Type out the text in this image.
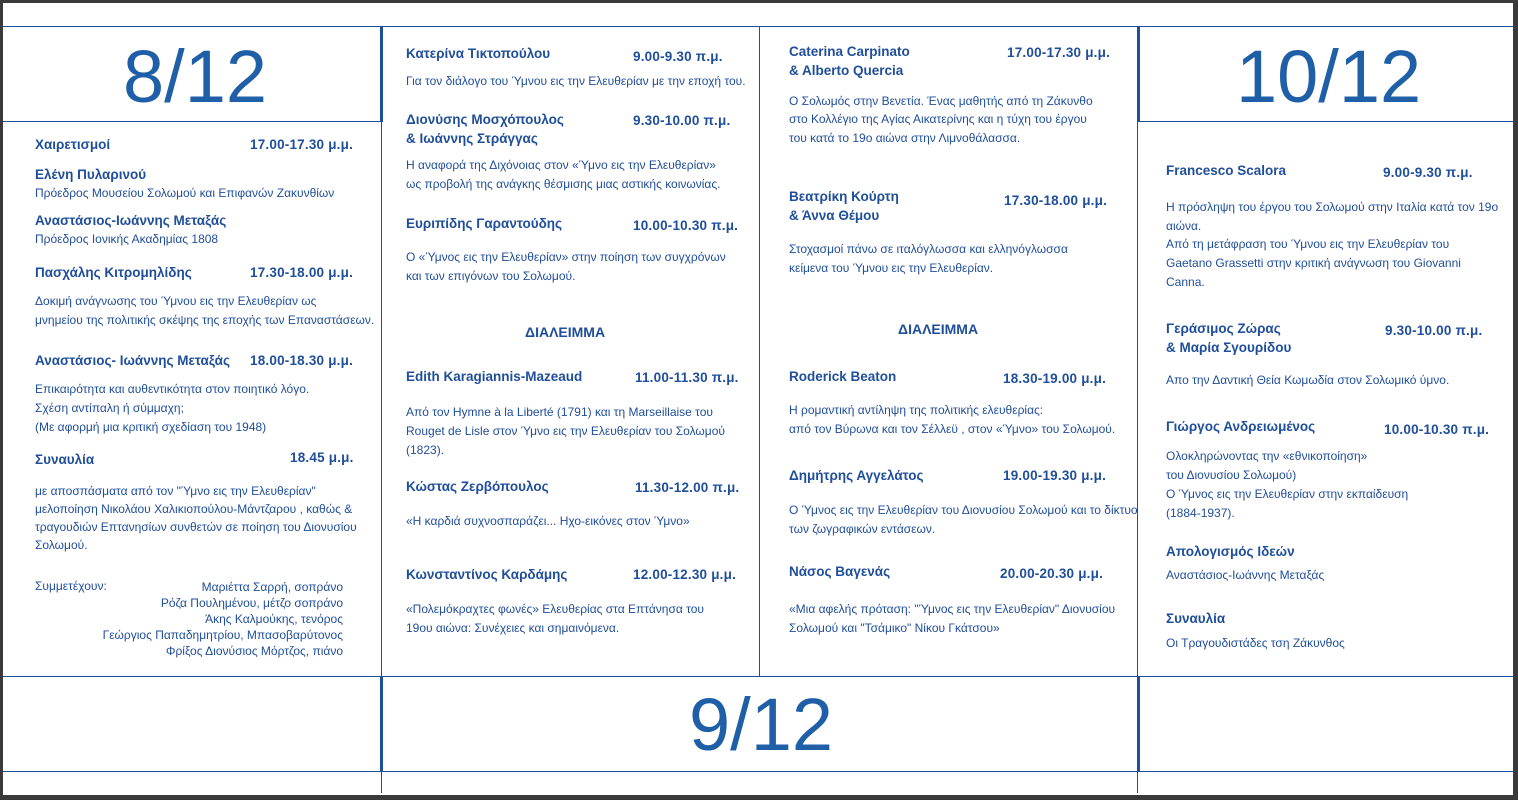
8/12
9/12
10/12
Χαιρετισμοί	17.00-17.30 μ.μ.
Ελένη Πυλαρινού
Πρόεδρος Μουσείου Σολωμού και Επιφανών Ζακυνθίων
Αναστάσιος-Ιωάννης Μεταξάς
Πρόεδρος Ιονικής Ακαδημίας 1808
Πασχάλης Κιτρομηλίδης	17.30-18.00 μ.μ.
Δοκιμή ανάγνωσης του Ύμνου εις την Ελευθερίαν ως
μνημείου της πολιτικής σκέψης της εποχής των Επαναστάσεων.
Αναστάσιος- Ιωάννης Μεταξάς 18.00-18.30 μ.μ.
Επικαιρότητα και αυθεντικότητα στον ποιητικό λόγο.
Σχέση αντίπαλη ή σύμμαχη;
(Με αφορμή μια κριτική σχεδίαση του 1948)
Συναυλία	18.45 μ.μ.
με αποσπάσματα από τον "Ύμνο εις την Ελευθερίαν"
μελοποίηση Νικολάου Χαλικιοπούλου-Μάντζαρου , καθώς &
τραγουδιών Επτανησίων συνθετών σε ποίηση του Διονυσίου
Σολωμού.
Συμμετέχουν:	Μαριέττα Σαρρή, σοπράνο
Ρόζα Πουλημένου, μέτζο σοπράνο
Άκης Καλμούκης, τενόρος
Γεώργιος Παπαδημητρίου, Μπασοβαρύτονος
Φρίξος Διονύσιος Μόρτζος, πιάνο
Κατερίνα Τικτοπούλου	9.00-9.30 π.μ.
Για τον διάλογο του Ύμνου εις την Ελευθερίαν με την εποχή του.
Διονύσης Μοσχόπουλος
& Ιωάννης Στράγγας
9.30-10.00 π.μ.
Η αναφορά της Διχόνοιας στον «Ύμνο εις την Ελευθερίαν»
ως προβολή της ανάγκης θέσμισης μιας αστικής κοινωνίας.
Ευριπίδης Γαραντούδης	10.00-10.30 π.μ.
Ο «Ύμνος εις την Ελευθερίαν» στην ποίηση των συγχρόνων
και των επιγόνων του Σολωμού.
ΔΙΑΛΕΙΜΜΑ
Edith Karagiannis-Mazeaud	11.00-11.30 π.μ.
Από τον Hymne à la Liberté (1791) και τη Marseillaise του
Rouget de Lisle στον Ύμνο εις την Ελευθερίαν του Σολωμού
(1823).
Κώστας Ζερβόπουλος	11.30-12.00 π.μ.
«Η καρδιά συχνοσπαράζει... Ηχο-εικόνες στον Ύμνο»
Κωνσταντίνος Καρδάμης	12.00-12.30 μ.μ.
«Πολεμόκραχτες φωνές» Ελευθερίας στα Επτάνησα του
19ου αιώνα: Συνέχειες και σημαινόμενα.
Caterina Carpinato
& Alberto Quercia
17.00-17.30 μ.μ.
Ο Σολωμός στην Βενετία. Ένας μαθητής από τη Ζάκυνθο
στο Κολλέγιο της Αγίας Αικατερίνης και η τύχη του έργου
του κατά το 19ο αιώνα στην Λιμνοθάλασσα.
Βεατρίκη Κούρτη
& Άννα Θέμου
17.30-18.00 μ.μ.
Στοχασμοί πάνω σε ιταλόγλωσσα και ελληνόγλωσσα
κείμενα του Ύμνου εις την Ελευθερίαν.
ΔΙΑΛΕΙΜΜΑ
Roderick Beaton	18.30-19.00 μ.μ.
Η ρομαντική αντίληψη της πολιτικής ελευθερίας:
από τον Βύρωνα και τον Σέλλεϋ , στον «Ύμνο» του Σολωμού.
Δημήτρης Αγγελάτος	19.00-19.30 μ.μ.
Ο Ύμνος εις την Ελευθερίαν του Διονυσίου Σολωμού και το δίκτυο
των ζωγραφικών εντάσεων.
Νάσος Βαγενάς	20.00-20.30 μ.μ.
«Μια αφελής πρόταση: "Ύμνος εις την Ελευθερίαν" Διονυσίου
Σολωμού και "Τσάμικο" Νίκου Γκάτσου»
Francesco Scalora	9.00-9.30 π.μ.
Η πρόσληψη του έργου του Σολωμού στην Ιταλία κατά τον 19ο
αιώνα.
Από τη μετάφραση του Ύμνου εις την Ελευθερίαν του
Gaetano Grassetti στην κριτική ανάγνωση του Giovanni
Canna.
Γεράσιμος Ζώρας
& Μαρία Σγουρίδου
9.30-10.00 π.μ.
Απο την Δαντική Θεία Κωμωδία στον Σολωμικό ύμνο.
Γιώργος Ανδρειωμένος	10.00-10.30 π.μ.
Ολοκληρώνοντας την «εθνικοποίηση»
του Διονυσίου Σολωμού)
Ο Ύμνος εις την Ελευθερίαν στην εκπαίδευση
(1884-1937).
Απολογισμός Ιδεών
Αναστάσιος-Ιωάννης Μεταξάς
Συναυλία
Οι Τραγουδιστάδες τση Ζάκυνθος
